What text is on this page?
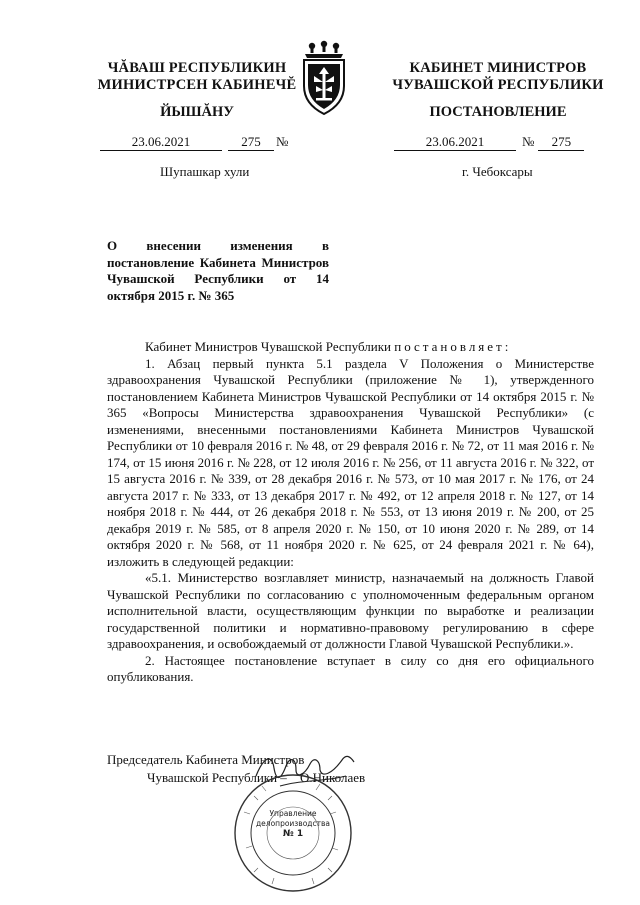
ЧĂВАШ РЕСПУБЛИКИН
МИНИСТРСЕН КАБИНЕЧĔ
ЙЫШĂНУ
КАБИНЕТ МИНИСТРОВ
ЧУВАШСКОЙ РЕСПУБЛИКИ
ПОСТАНОВЛЕНИЕ
23.06.2021	275 №	23.06.2021	№ 275
Шупашкар хули	г. Чебоксары
О внесении изменения в постановление Кабинета Министров Чувашской Республики от 14 октября 2015 г. № 365

Кабинет Министров Чувашской Республики постановляет:

1. Абзац первый пункта 5.1 раздела V Положения о Министерстве здравоохранения Чувашской Республики (приложение № 1), утвержденного постановлением Кабинета Министров Чувашской Республики от 14 октября 2015 г. № 365 «Вопросы Министерства здравоохранения Чувашской Республики» (с изменениями, внесенными постановлениями Кабинета Министров Чувашской Республики от 10 февраля 2016 г. № 48, от 29 февраля 2016 г. № 72, от 11 мая 2016 г. № 174, от 15 июня 2016 г. № 228, от 12 июля 2016 г. № 256, от 11 августа 2016 г. № 322, от 15 августа 2016 г. № 339, от 28 декабря 2016 г. № 573, от 10 мая 2017 г. № 176, от 24 августа 2017 г. № 333, от 13 декабря 2017 г. № 492, от 12 апреля 2018 г. № 127, от 14 ноября 2018 г. № 444, от 26 декабря 2018 г. № 553, от 13 июня 2019 г. № 200, от 25 декабря 2019 г. № 585, от 8 апреля 2020 г. № 150, от 10 июня 2020 г. № 289, от 14 октября 2020 г. № 568, от 11 ноября 2020 г. № 625, от 24 февраля 2021 г. № 64), изложить в следующей редакции:

«5.1. Министерство возглавляет министр, назначаемый на должность Главой Чувашской Республики по согласованию с уполномоченным федеральным органом исполнительной власти, осуществляющим функции по выработке и реализации государственной политики и нормативно-правовому регулированию в сфере здравоохранения, и освобождаемый от должности Главой Чувашской Республики.».

2. Настоящее постановление вступает в силу со дня его официального опубликования.

Председатель Кабинета Министров
Чувашской Республики – О.Николаев
Управление
делопроизводства
№ 1
